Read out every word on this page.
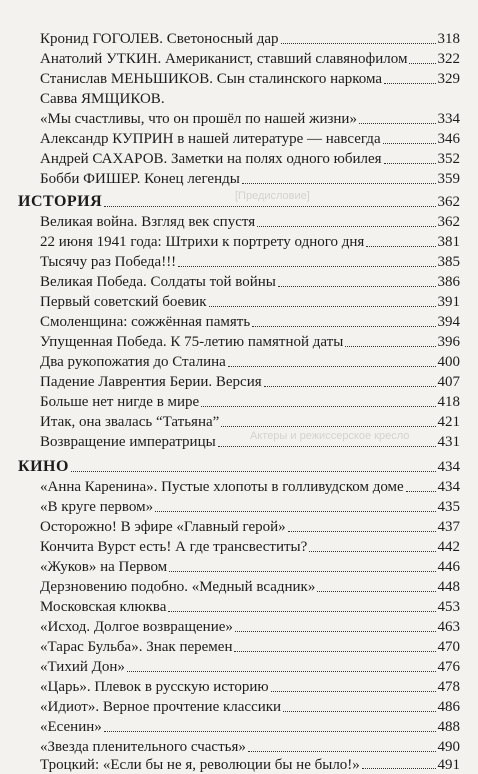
[Предисловие]
Актеры и режиссерское кресло
Кронид ГОГОЛЕВ. Светоносный дар	318
Анатолий УТКИН. Американист, ставший славянофилом 322
Станислав МЕНЬШИКОВ. Сын сталинского наркома	329
Савва ЯМЩИКОВ.
«Мы счастливы, что он прошёл по нашей жизни»	334
Александр КУПРИН в нашей литературе — навсегда	346
Андрей САХАРОВ. Заметки на полях одного юбилея	352
Бобби ФИШЕР. Конец легенды	359
ИСТОРИЯ	362
Великая война. Взгляд век спустя	362
22 июня 1941 года: Штрихи к портрету одного дня	381
Тысячу раз Победа!!!	385
Великая Победа. Солдаты той войны	386
Первый советский боевик	391
Смоленщина: сожжённая память	394
Упущенная Победа. К 75-летию памятной даты	396
Два рукопожатия до Сталина	400
Падение Лаврентия Берии. Версия	407
Больше нет нигде в мире	418
Итак, она звалась “Татьяна”	421
Возвращение императрицы	431
КИНО	434
«Анна Каренина». Пустые хлопоты в голливудском доме 434
«В круге первом»	435
Осторожно! В эфире «Главный герой»	437
Кончита Вурст есть! А где трансвеститы?	442
«Жуков» на Первом	446
Дерзновению подобно. «Медный всадник»	448
Московская клюква	453
«Исход. Долгое возвращение»	463
«Тарас Бульба». Знак перемен	470
«Тихий Дон»	476
«Царь». Плевок в русскую историю	478
«Идиот». Верное прочтение классики	486
«Есенин»	488
«Звезда пленительного счастья»	490
Троцкий: «Если бы не я, революции бы не было!»	491
